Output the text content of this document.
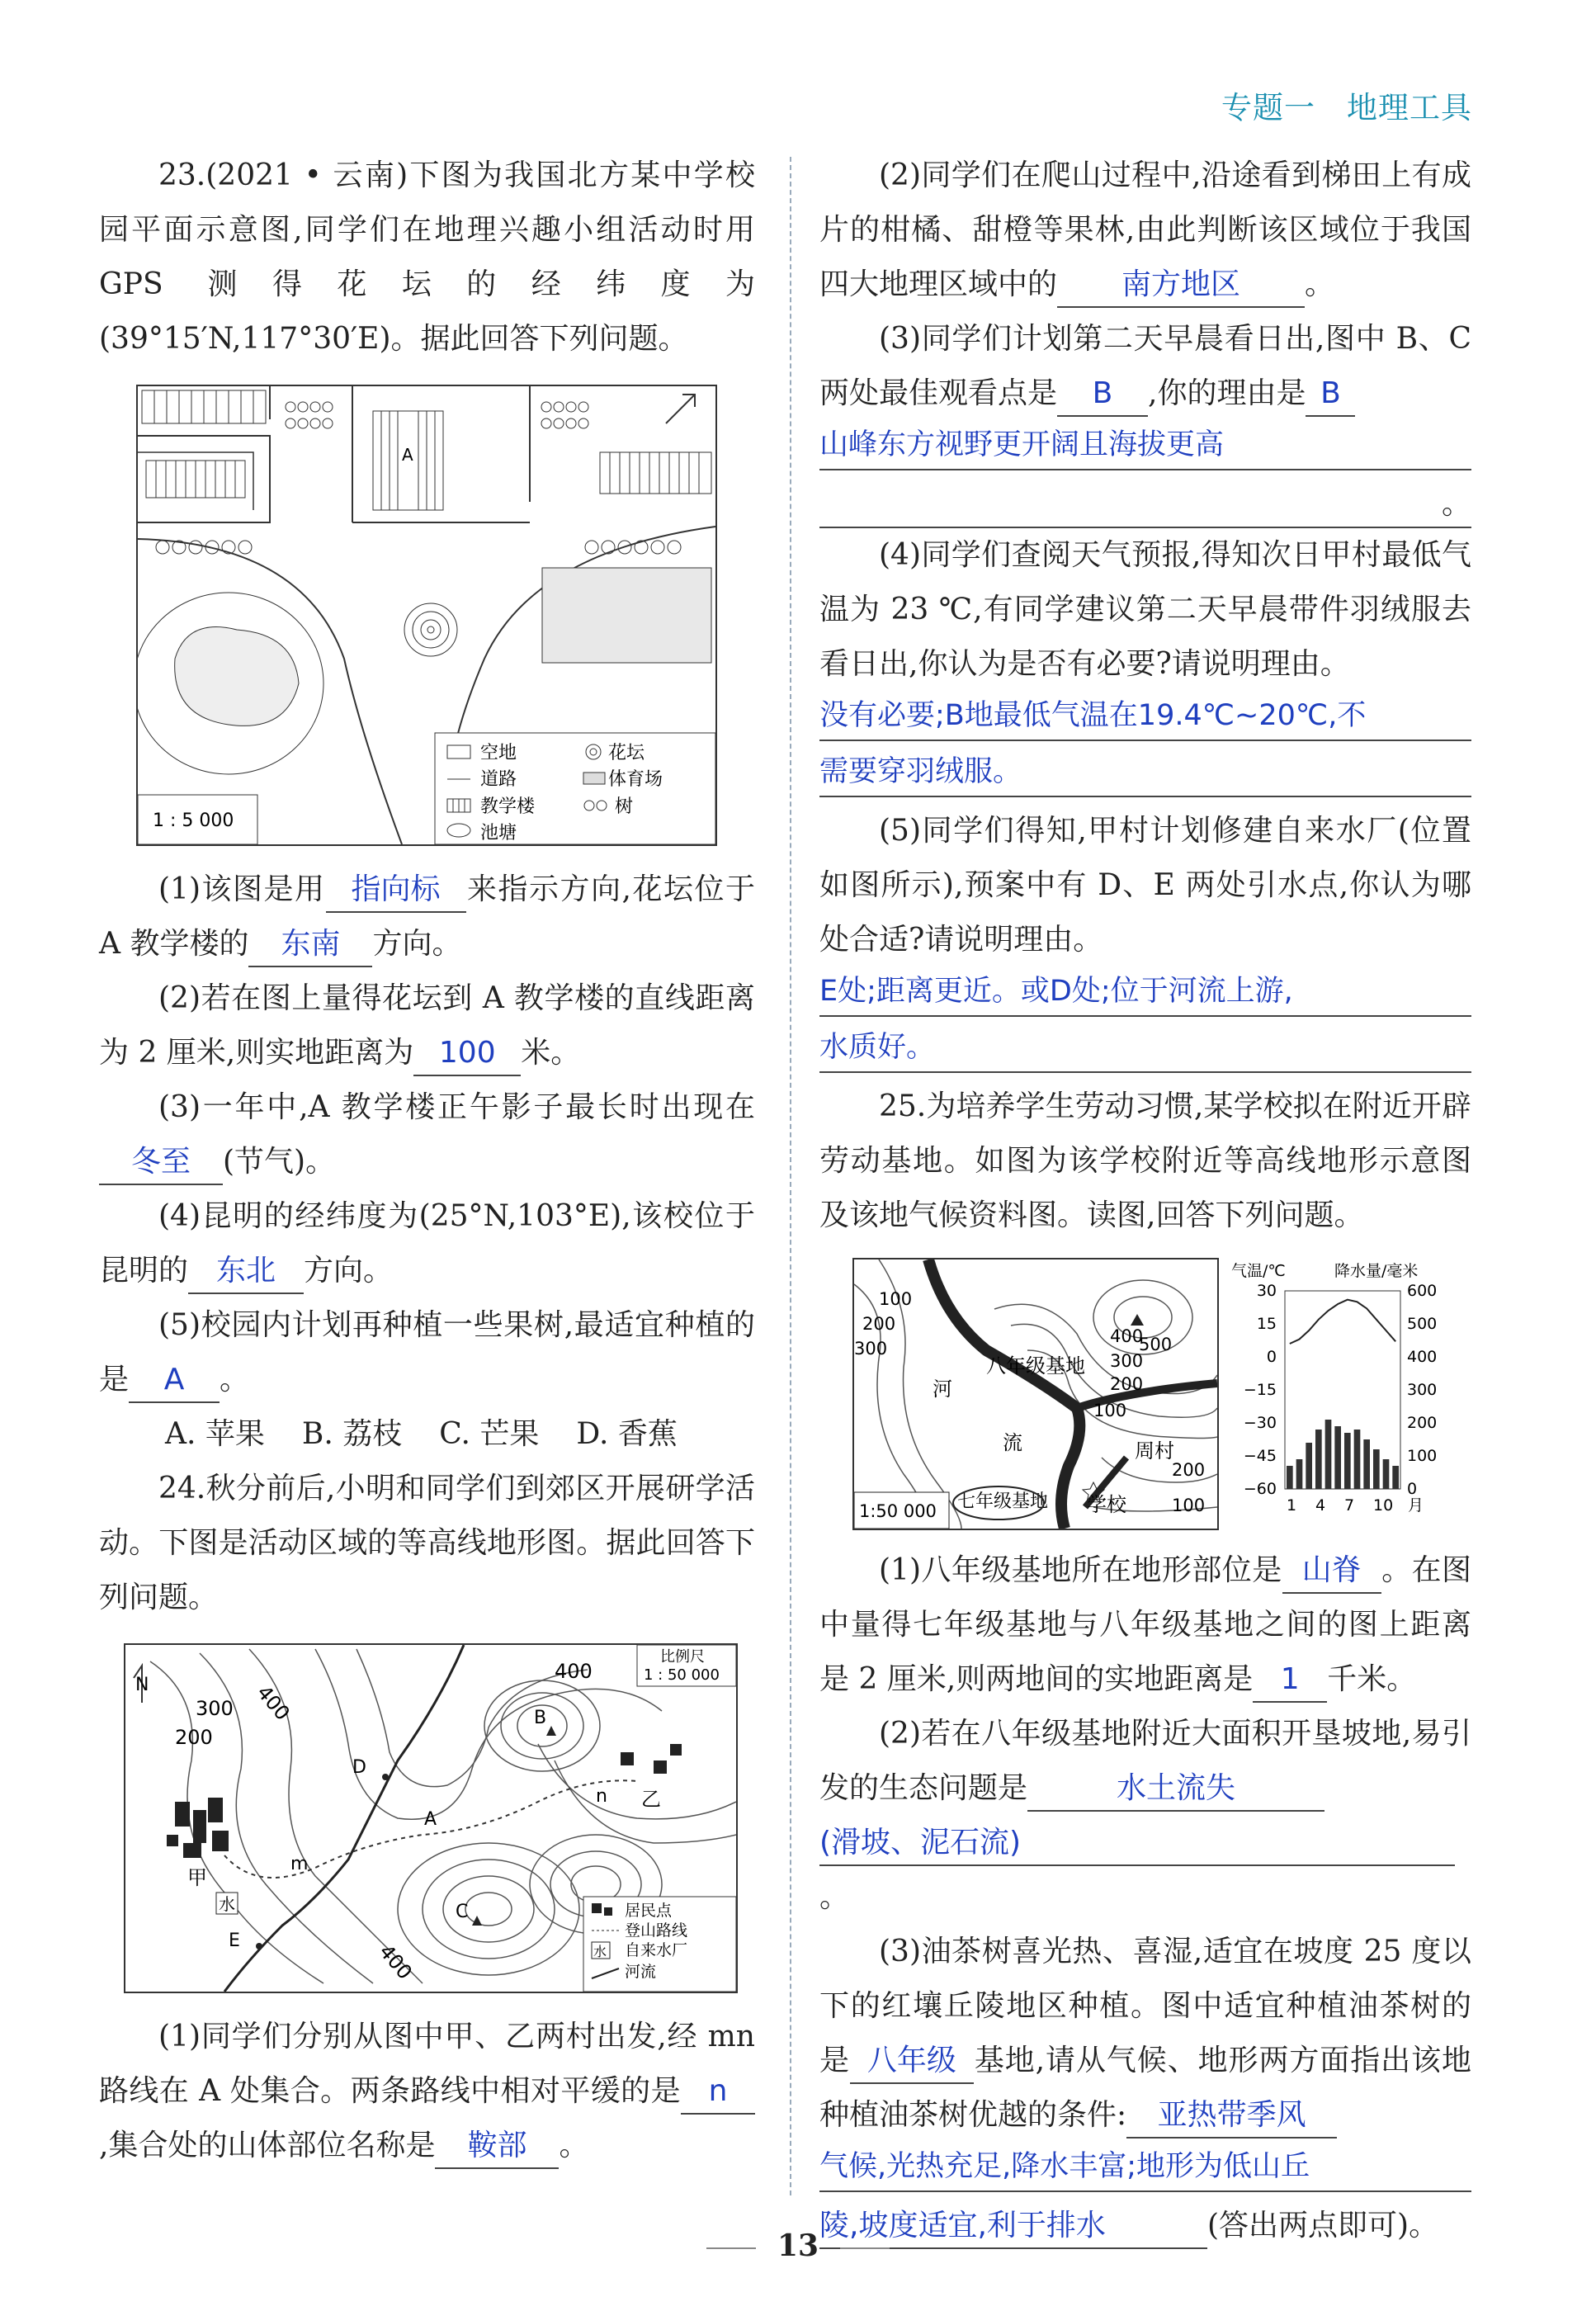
专题一 地理工具

23.(2021 • 云南)下图为我国北方某中学校园平面示意图,同学们在地理兴趣小组活动时用 GPS 测得花坛的经纬度为(39°15′N,117°30′E)。据此回答下列问题。

A
1 : 5 000
空地	花坛
道路	体育场
教学楼	树
池塘

(1)该图是用 指向标 来指示方向,花坛位于 A 教学楼的 东南 方向。

(2)若在图上量得花坛到 A 教学楼的直线距离为 2 厘米,则实地距离为 100 米。

(3)一年中,A 教学楼正午影子最长时出现在冬至 (节气)。

(4)昆明的经纬度为(25°N,103°E),该校位于昆明的 东北 方向。

(5)校园内计划再种植一些果树,最适宜种植的是 A 。

A. 苹果 B. 荔枝 C. 芒果 D. 香蕉

24.秋分前后,小明和同学们到郊区开展研学活动。下图是活动区域的等高线地形图。据此回答下列问题。

N
比例尺
1 : 50 000
400
300
200
400
400
B
D
A
n 乙
甲
m
水
E
C	居民点
登山路线
水 自来水厂
河流

(1)同学们分别从图中甲、乙两村出发,经 mn 路线在 A 处集合。两条路线中相对平缓的是 n,集合处的山体部位名称是 鞍部 。

(2)同学们在爬山过程中,沿途看到梯田上有成片的柑橘、甜橙等果林,由此判断该区域位于我国四大地理区域中的 南方地区 。

(3)同学们计划第二天早晨看日出,图中 B、C 两处最佳观看点是 B ,你的理由是 B

山峰东方视野更开阔且海拔更高

。

(4)同学们查阅天气预报,得知次日甲村最低气温为 23 ℃,有同学建议第二天早晨带件羽绒服去看日出,你认为是否有必要?请说明理由。

没有必要;B地最低气温在19.4℃~20℃,不
需要穿羽绒服。

(5)同学们得知,甲村计划修建自来水厂(位置如图所示),预案中有 D、E 两处引水点,你认为哪处合适?请说明理由。

E处;距离更近。或D处;位于河流上游,
水质好。

25.为培养学生劳动习惯,某学校拟在附近开辟劳动基地。如图为该学校附近等高线地形示意图及该地气候资料图。读图,回答下列问题。

100
200
300	500
400
300
200
100
200
100
八年级基地
河
流	周村
七年级基地 学校
1:50 000
气温/℃	降水量/毫米
30
15
0
−15
−30
−45
−60
600
500
400
300
200
100
0
1 4 7 10 月

(1)八年级基地所在地形部位是 山脊 。在图中量得七年级基地与八年级基地之间的图上距离是 2 厘米,则两地间的实地距离是 1 千米。

(2)若在八年级基地附近大面积开垦坡地,易引发的生态问题是	水土流失

(滑坡、泥石流)。

(3)油茶树喜光热、喜湿,适宜在坡度 25 度以下的红壤丘陵地区种植。图中适宜种植油茶树的是 八年级 基地,请从气候、地形两方面指出该地种植油茶树优越的条件: 亚热带季风

气候,光热充足,降水丰富;地形为低山丘

陵,坡度适宜,利于排水	(答出两点即可)。

13
